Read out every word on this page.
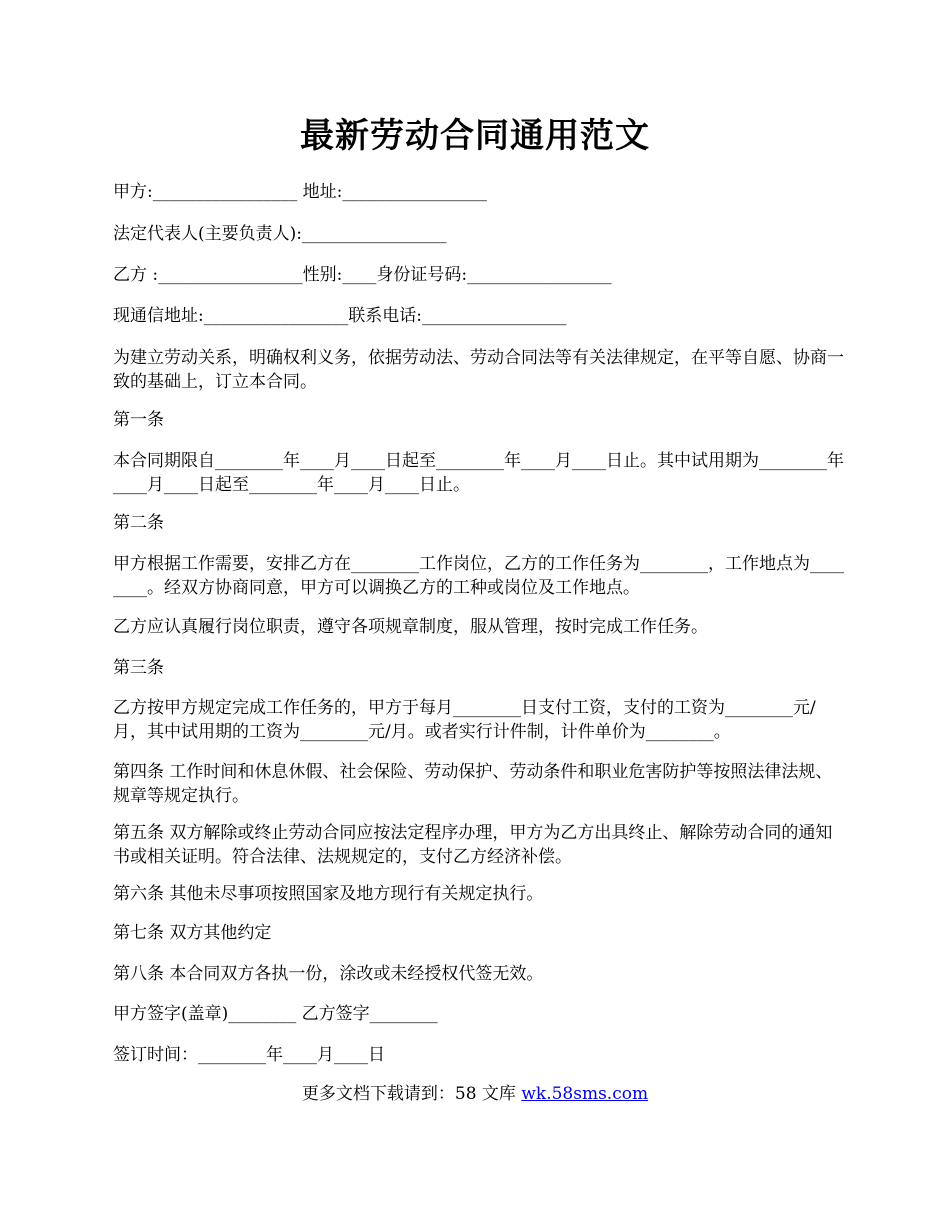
最新劳动合同通用范文

甲方:_________________ 地址:_________________

法定代表人(主要负责人):_________________

乙方 :_________________性别:____身份证号码:_________________

现通信地址:_________________联系电话:_________________

为建立劳动关系，明确权利义务，依据劳动法、劳动合同法等有关法律规定，在平等自愿、协商一致的基础上，订立本合同。

第一条

本合同期限自________年____月____日起至________年____月____日止。其中试用期为________年____月____日起至________年____月____日止。

第二条

甲方根据工作需要，安排乙方在________工作岗位，乙方的工作任务为________，工作地点为________。经双方协商同意，甲方可以调换乙方的工种或岗位及工作地点。

乙方应认真履行岗位职责，遵守各项规章制度，服从管理，按时完成工作任务。

第三条

乙方按甲方规定完成工作任务的，甲方于每月________日支付工资，支付的工资为________元/月，其中试用期的工资为________元/月。或者实行计件制，计件单价为________。

第四条 工作时间和休息休假、社会保险、劳动保护、劳动条件和职业危害防护等按照法律法规、规章等规定执行。

第五条 双方解除或终止劳动合同应按法定程序办理，甲方为乙方出具终止、解除劳动合同的通知书或相关证明。符合法律、法规规定的，支付乙方经济补偿。

第六条 其他未尽事项按照国家及地方现行有关规定执行。

第七条 双方其他约定

第八条 本合同双方各执一份，涂改或未经授权代签无效。

甲方签字(盖章)________ 乙方签字________

签订时间：________年____月____日

更多文档下载请到：58 文库 wk.58sms.com
